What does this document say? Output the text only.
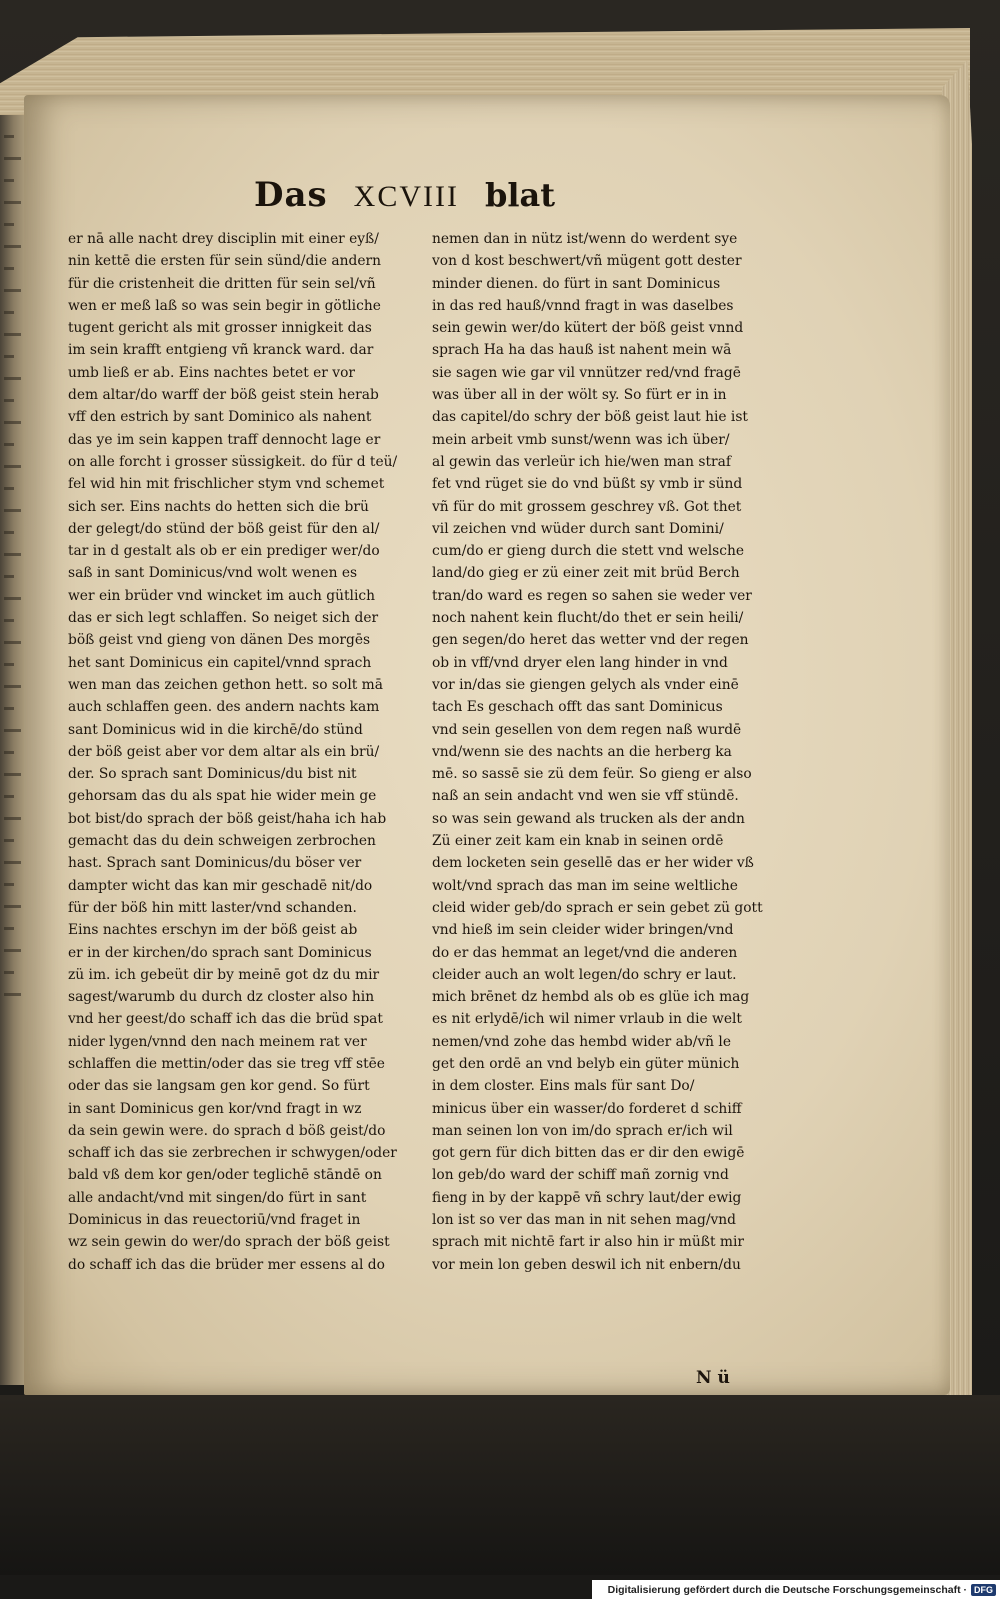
Das XCVIII blat
er nā alle nacht drey disciplin mit einer eyß/
nin kettē die ersten für sein sünd/die andern
für die cristenheit die dritten für sein sel/vñ
wen er meß laß so was sein begir in götliche
tugent gericht als mit grosser innigkeit das
im sein krafft entgieng vñ kranck ward. dar
umb ließ er ab. Eins nachtes betet er vor
dem altar/do warff der böß geist stein herab
vff den estrich by sant Dominico als nahent
das ye im sein kappen traff dennocht lage er
on alle forcht i grosser süssigkeit. do für d teü/
fel wid hin mit frischlicher stym vnd schemet
sich ser. Eins nachts do hetten sich die brü
der gelegt/do stünd der böß geist für den al/
tar in d gestalt als ob er ein prediger wer/do
saß in sant Dominicus/vnd wolt wenen es
wer ein brüder vnd wincket im auch gütlich
das er sich legt schlaffen. So neiget sich der
böß geist vnd gieng von dänen Des morgēs
het sant Dominicus ein capitel/vnnd sprach
wen man das zeichen gethon hett. so solt mā
auch schlaffen geen. des andern nachts kam
sant Dominicus wid in die kirchē/do stünd
der böß geist aber vor dem altar als ein brü/
der. So sprach sant Dominicus/du bist nit
gehorsam das du als spat hie wider mein ge
bot bist/do sprach der böß geist/haha ich hab
gemacht das du dein schweigen zerbrochen
hast. Sprach sant Dominicus/du böser ver
dampter wicht das kan mir geschadē nit/do
für der böß hin mitt laster/vnd schanden.
Eins nachtes erschyn im der böß geist ab
er in der kirchen/do sprach sant Dominicus
zü im. ich gebeüt dir by meinē got dz du mir
sagest/warumb du durch dz closter also hin
vnd her geest/do schaff ich das die brüd spat
nider lygen/vnnd den nach meinem rat ver
schlaffen die mettin/oder das sie treg vff stēe
oder das sie langsam gen kor gend. So fürt
in sant Dominicus gen kor/vnd fragt in wz
da sein gewin were. do sprach d böß geist/do
schaff ich das sie zerbrechen ir schwygen/oder
bald vß dem kor gen/oder teglichē stāndē on
alle andacht/vnd mit singen/do fürt in sant
Dominicus in das reuectoriū/vnd fraget in
wz sein gewin do wer/do sprach der böß geist
do schaff ich das die brüder mer essens al do
nemen dan in nütz ist/wenn do werdent sye
von d kost beschwert/vñ mügent gott dester
minder dienen. do fürt in sant Dominicus
in das red hauß/vnnd fragt in was daselbes
sein gewin wer/do kütert der böß geist vnnd
sprach Ha ha das hauß ist nahent mein wā
sie sagen wie gar vil vnnützer red/vnd fragē
was über all in der wölt sy. So fürt er in in
das capitel/do schry der böß geist laut hie ist
mein arbeit vmb sunst/wenn was ich über/
al gewin das verleür ich hie/wen man straf
fet vnd rüget sie do vnd büßt sy vmb ir sünd
vñ für do mit grossem geschrey vß. Got thet
vil zeichen vnd wüder durch sant Domini/
cum/do er gieng durch die stett vnd welsche
land/do gieg er zü einer zeit mit brüd Berch
tran/do ward es regen so sahen sie weder ver
noch nahent kein flucht/do thet er sein heili/
gen segen/do heret das wetter vnd der regen
ob in vff/vnd dryer elen lang hinder in vnd
vor in/das sie giengen gelych als vnder einē
tach Es geschach offt das sant Dominicus
vnd sein gesellen von dem regen naß wurdē
vnd/wenn sie des nachts an die herberg ka
mē. so sassē sie zü dem feür. So gieng er also
naß an sein andacht vnd wen sie vff stündē.
so was sein gewand als trucken als der andn
Zü einer zeit kam ein knab in seinen ordē
dem locketen sein gesellē das er her wider vß
wolt/vnd sprach das man im seine weltliche
cleid wider geb/do sprach er sein gebet zü gott
vnd hieß im sein cleider wider bringen/vnd
do er das hemmat an leget/vnd die anderen
cleider auch an wolt legen/do schry er laut.
mich brēnet dz hembd als ob es glüe ich mag
es nit erlydē/ich wil nimer vrlaub in die welt
nemen/vnd zohe das hembd wider ab/vñ le
get den ordē an vnd belyb ein güter münich
in dem closter. Eins mals für sant Do/
minicus über ein wasser/do forderet d schiff
man seinen lon von im/do sprach er/ich wil
got gern für dich bitten das er dir den ewigē
lon geb/do ward der schiff mañ zornig vnd
fieng in by der kappē vñ schry laut/der ewig
lon ist so ver das man in nit sehen mag/vnd
sprach mit nichtē fart ir also hin ir müßt mir
vor mein lon geben deswil ich nit enbern/du
N ü
Digitalisierung gefördert durch die Deutsche Forschungsgemeinschaft · DFG
